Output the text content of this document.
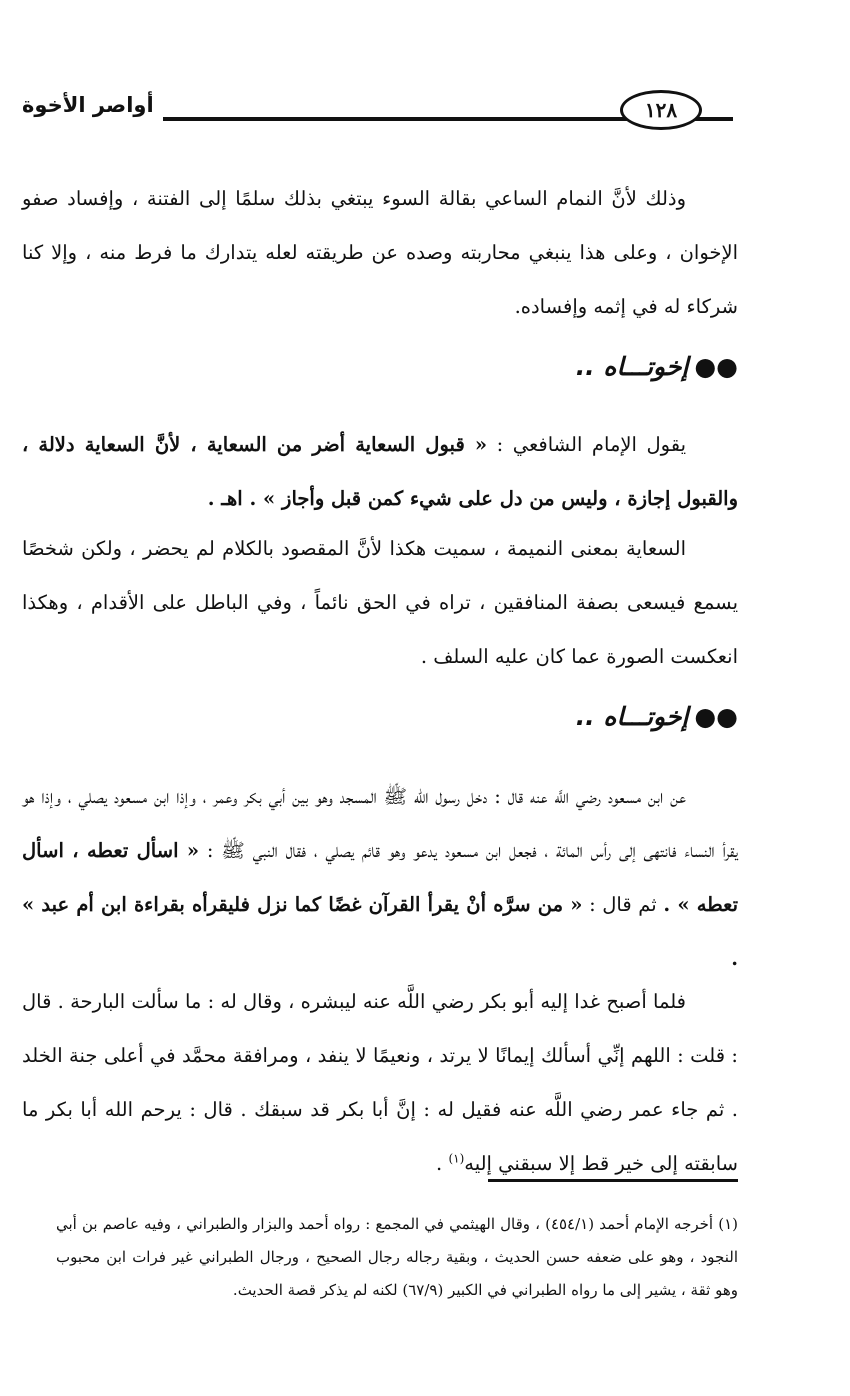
أواصر الأخوة	١٢٨
وذلك لأنَّ النمام الساعي بقالة السوء يبتغي بذلك سلمًا إلى الفتنة ، وإفساد صفو الإخوان ، وعلى هذا ينبغي محاربته وصده عن طريقته لعله يتدارك ما فرط منه ، وإلا كنا شركاء له في إثمه وإفساده.
●●إخوتـــاه ..
يقول الإمام الشافعي : « قبول السعاية أضر من السعاية ، لأنَّ السعاية دلالة ، والقبول إجازة ، وليس من دل على شيء كمن قبل وأجاز » . اهـ .
السعاية بمعنى النميمة ، سميت هكذا لأنَّ المقصود بالكلام لم يحضر ، ولكن شخصًا يسمع فيسعى بصفة المنافقين ، تراه في الحق نائماً ، وفي الباطل على الأقدام ، وهكذا انعكست الصورة عما كان عليه السلف .
●●إخوتـــاه ..
عن ابن مسعود رضي اللَّه عنه قال : دخل رسول الله ﷺ المسجد وهو بين أبي بكر وعمر ، وإذا ابن مسعود يصلي ، وإذا هو يقرأ النساء فانتهى إلى رأس المائة ، فجعل ابن مسعود يدعو وهو قائم يصلي ، فقال النبي ﷺ : « اسأل تعطه ، اسأل تعطه » . ثم قال : « من سرَّه أنْ يقرأ القرآن غضًا كما نزل فليقرأه بقراءة ابن أم عبد » .
فلما أصبح غدا إليه أبو بكر رضي اللَّه عنه ليبشره ، وقال له : ما سألت البارحة . قال : قلت : اللهم إنِّي أسألك إيمانًا لا يرتد ، ونعيمًا لا ينفد ، ومرافقة محمَّد في أعلى جنة الخلد . ثم جاء عمر رضي اللَّه عنه فقيل له : إنَّ أبا بكر قد سبقك . قال : يرحم الله أبا بكر ما سابقته إلى خير قط إلا سبقني إليه$^{(١)}$ .
(١) أخرجه الإمام أحمد (٤٥٤/١) ، وقال الهيثمي في المجمع : رواه أحمد والبزار والطبراني ، وفيه عاصم بن أبي النجود ، وهو على ضعفه حسن الحديث ، وبقية رجاله رجال الصحيح ، ورجال الطبراني غير فرات ابن محبوب وهو ثقة ، يشير إلى ما رواه الطبراني في الكبير (٦٧/٩) لكنه لم يذكر قصة الحديث.
